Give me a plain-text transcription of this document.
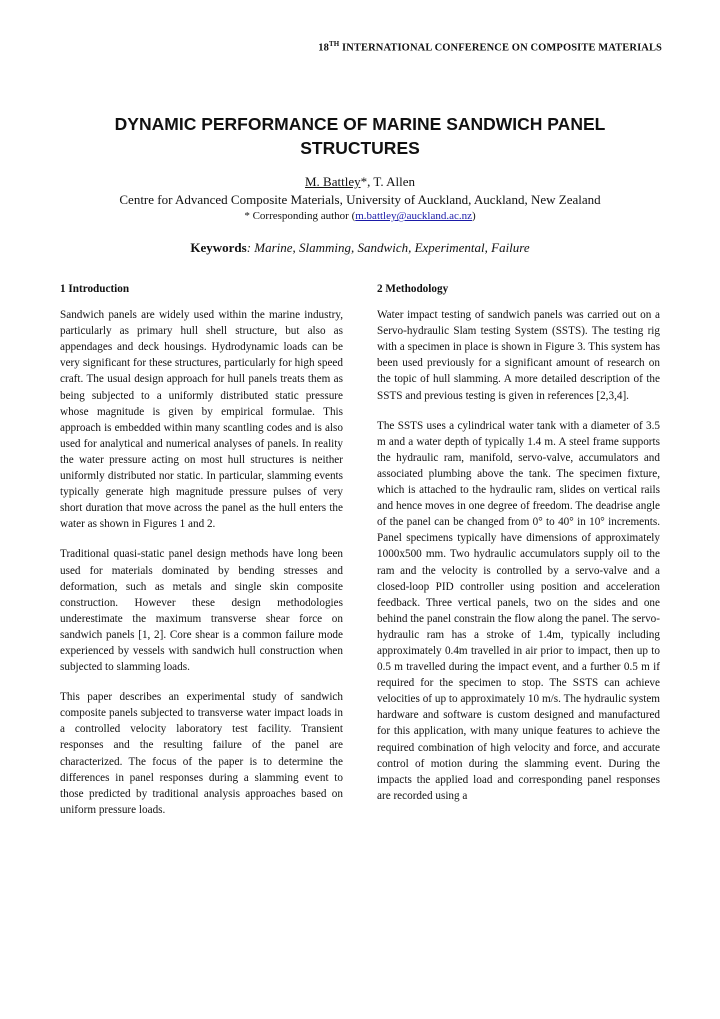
18TH INTERNATIONAL CONFERENCE ON COMPOSITE MATERIALS
DYNAMIC PERFORMANCE OF MARINE SANDWICH PANEL STRUCTURES
M. Battley*, T. Allen
Centre for Advanced Composite Materials, University of Auckland, Auckland, New Zealand
* Corresponding author (m.battley@auckland.ac.nz)
Keywords: Marine, Slamming, Sandwich, Experimental, Failure
1 Introduction

Sandwich panels are widely used within the marine industry, particularly as primary hull shell structure, but also as appendages and deck housings. Hydrodynamic loads can be very significant for these structures, particularly for high speed craft. The usual design approach for hull panels treats them as being subjected to a uniformly distributed static pressure whose magnitude is given by empirical formulae. This approach is embedded within many scantling codes and is also used for analytical and numerical analyses of panels. In reality the water pressure acting on most hull structures is neither uniformly distributed nor static. In particular, slamming events typically generate high magnitude pressure pulses of very short duration that move across the panel as the hull enters the water as shown in Figures 1 and 2.

Traditional quasi-static panel design methods have long been used for materials dominated by bending stresses and deformation, such as metals and single skin composite construction. However these design methodologies underestimate the maximum transverse shear force on sandwich panels [1, 2]. Core shear is a common failure mode experienced by vessels with sandwich hull construction when subjected to slamming loads.

This paper describes an experimental study of sandwich composite panels subjected to transverse water impact loads in a controlled velocity laboratory test facility. Transient responses and the resulting failure of the panel are characterized. The focus of the paper is to determine the differences in panel responses during a slamming event to those predicted by traditional analysis approaches based on uniform pressure loads.

2 Methodology

Water impact testing of sandwich panels was carried out on a Servo-hydraulic Slam testing System (SSTS). The testing rig with a specimen in place is shown in Figure 3. This system has been used previously for a significant amount of research on the topic of hull slamming. A more detailed description of the SSTS and previous testing is given in references [2,3,4].

The SSTS uses a cylindrical water tank with a diameter of 3.5 m and a water depth of typically 1.4 m. A steel frame supports the hydraulic ram, manifold, servo-valve, accumulators and associated plumbing above the tank. The specimen fixture, which is attached to the hydraulic ram, slides on vertical rails and hence moves in one degree of freedom. The deadrise angle of the panel can be changed from 0° to 40° in 10° increments. Panel specimens typically have dimensions of approximately 1000x500 mm. Two hydraulic accumulators supply oil to the ram and the velocity is controlled by a servo-valve and a closed-loop PID controller using position and acceleration feedback. Three vertical panels, two on the sides and one behind the panel constrain the flow along the panel. The servo-hydraulic ram has a stroke of 1.4m, typically including approximately 0.4m travelled in air prior to impact, then up to 0.5 m travelled during the impact event, and a further 0.5 m if required for the specimen to stop. The SSTS can achieve velocities of up to approximately 10 m/s. The hydraulic system hardware and software is custom designed and manufactured for this application, with many unique features to achieve the required combination of high velocity and force, and accurate control of motion during the slamming event. During the impacts the applied load and corresponding panel responses are recorded using a
